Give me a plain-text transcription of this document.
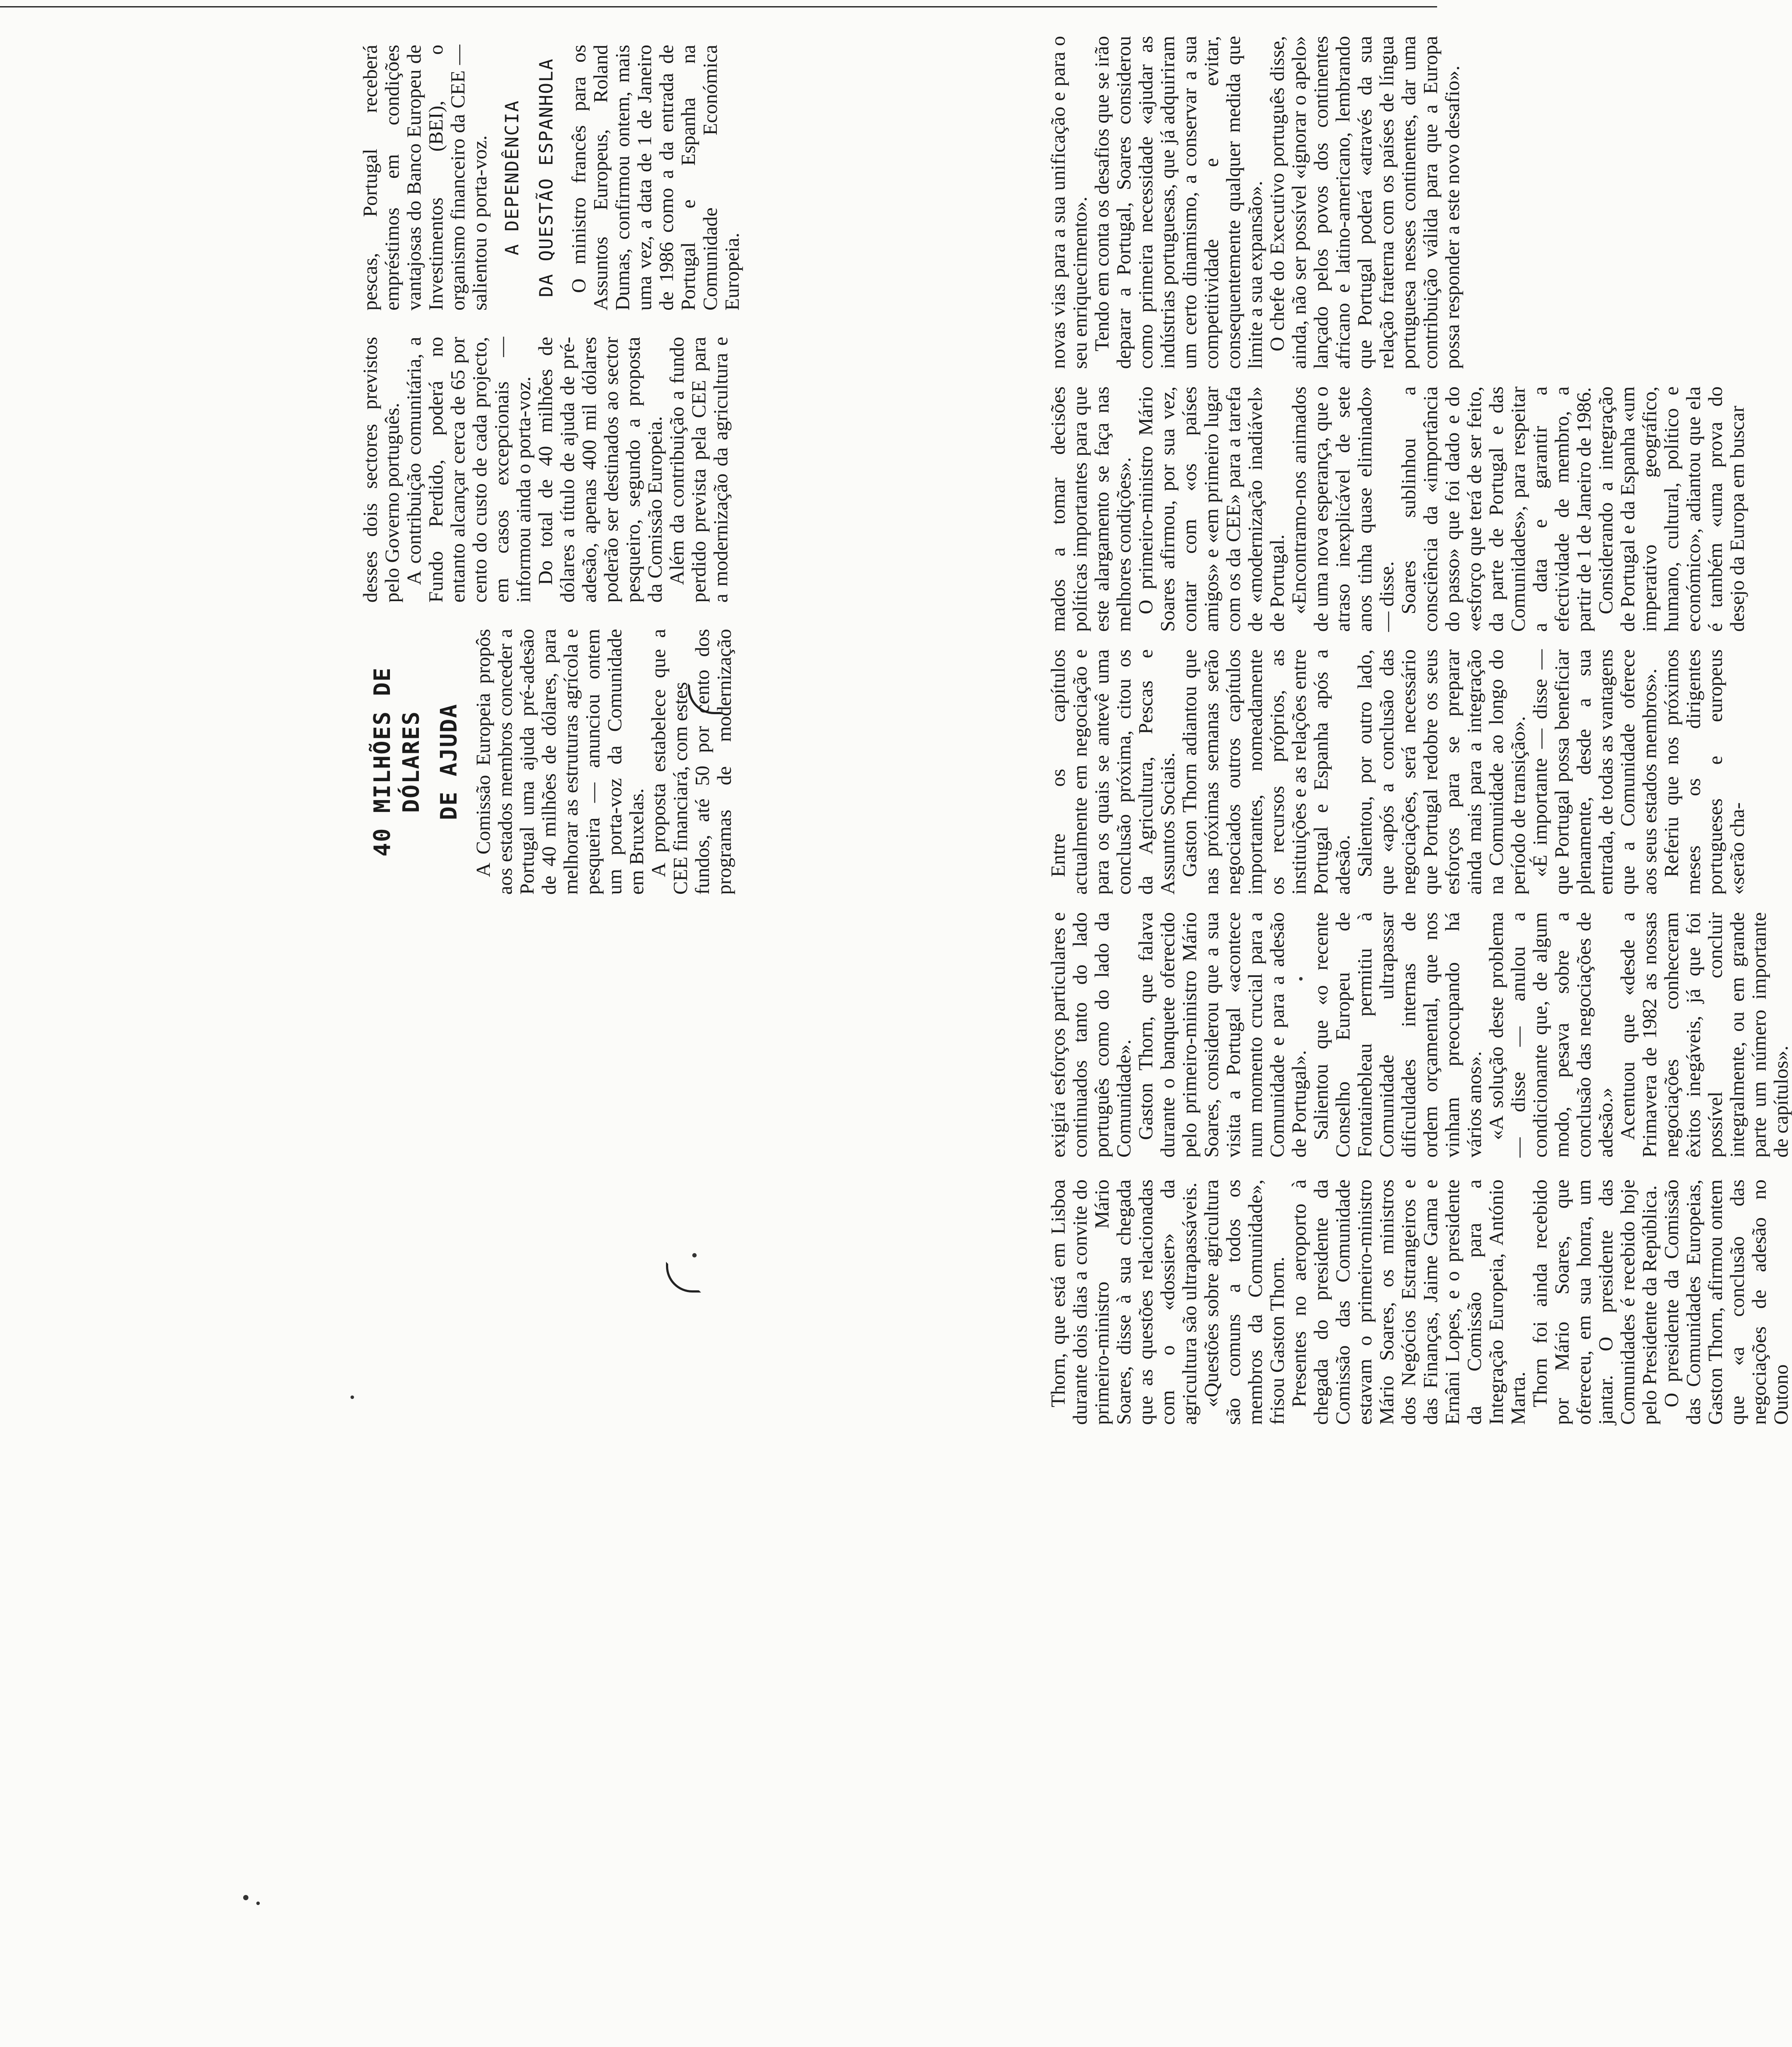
Thorn, que está em Lisboa durante dois dias a convite do primeiro-ministro Mário Soares, disse à sua chegada que as questões relacionadas com o «dossier» da agricultura são ultrapassáveis. «Questões sobre agricultura são comuns a todos os membros da Comunidade», frisou Gaston Thorn. Presentes no aeroporto à chegada do presidente da Comissão das Comunidade estavam o primeiro-ministro Mário Soares, os ministros dos Negócios Estrangeiros e das Finanças, Jaime Gama e Ernâni Lopes, e o presidente da Comissão para a Integração Europeia, António Marta. Thorn foi ainda recebido por Mário Soares, que ofereceu, em sua honra, um jantar. O presidente das Comunidades é recebido hoje pelo Presidente da República. O presidente da Comissão das Comunidades Europeias, Gaston Thorn, afirmou ontem que «a conclusão das negociações de adesão no Outono

exigirá esforços particulares e continuados tanto do lado português como do lado da Comunidade». Gaston Thorn, que falava durante o banquete oferecido pelo primeiro-ministro Mário Soares, considerou que a sua visita a Portugal «acontece num momento crucial para a Comunidade e para a adesão de Portugal». Salientou que «o recente Conselho Europeu de Fontainebleau permitiu à Comunidade ultrapassar dificuldades internas de ordem orçamental, que nos vinham preocupando há vários anos». «A solução deste problema — disse — anulou a condicionante que, de algum modo, pesava sobre a conclusão das negociações de adesão.» Acentuou que «desde a Primavera de 1982 as nossas negociações conheceram êxitos inegáveis, já que foi possível concluir integralmente, ou em grande parte um número importante de capítulos».

Entre os capítulos actualmente em negociação e para os quais se antevê uma conclusão próxima, citou os da Agricultura, Pescas e Assuntos Sociais. Gaston Thorn adiantou que nas próximas semanas serão negociados outros capítulos importantes, nomeadamente os recursos próprios, as instituições e as relações entre Portugal e Espanha após a adesão. Salientou, por outro lado, que «após a conclusão das negociações, será necessário que Portugal redobre os seus esforços para se preparar ainda mais para a integração na Comunidade ao longo do período de transição». «É importante — disse — que Portugal possa beneficiar plenamente, desde a sua entrada, de todas as vantagens que a Comunidade oferece aos seus estados membros». Referiu que nos próximos meses os dirigentes portugueses e europeus «serão cha-

mados a tomar decisões políticas importantes para que este alargamento se faça nas melhores condições». O primeiro-ministro Mário Soares afirmou, por sua vez, contar com «os países amigos» e «em primeiro lugar com os da CEE» para a tarefa de «modernização inadiável» de Portugal. «Encontramo-nos animados de uma nova esperança, que o atraso inexplicável de sete anos tinha quase eliminado» — disse. Soares sublinhou a consciência da «importância do passo» que foi dado e do «esforço que terá de ser feito, da parte de Portugal e das Comunidades», para respeitar a data e garantir a efectividade de membro, a partir de 1 de Janeiro de 1986. Considerando a integração de Portugal e da Espanha «um imperativo geográfico, humano, cultural, político e económico», adiantou que ela é também «uma prova do desejo da Europa em buscar

novas vias para a sua unificação e para o seu enriquecimento». Tendo em conta os desafios que se irão deparar a Portugal, Soares considerou como primeira necessidade «ajudar as indústrias portuguesas, que já adquiriram um certo dinamismo, a conservar a sua competitividade e evitar, consequentemente qualquer medida que limite a sua expansão». O chefe do Executivo português disse, ainda, não ser possível «ignorar o apelo» lançado pelos povos dos continentes africano e latino-americano, lembrando que Portugal poderá «através da sua relação fraterna com os países de língua portuguesa nesses continentes, dar uma contribuição válida para que a Europa possa responder a este novo desafio».

40 MILHÕES DE DÓLARES DE AJUDA A Comissão Europeia propôs aos estados membros conceder a Portugal uma ajuda pré-adesão de 40 milhões de dólares, para melhorar as estruturas agrícola e pesqueira — anunciou ontem um porta-voz da Comunidade em Bruxelas. A proposta estabelece que a CEE financiará, com estes fundos, até 50 por cento dos programas de modernização desses dois sectores previstos pelo Governo português. A contribuição comunitária, a Fundo Perdido, poderá no entanto alcançar cerca de 65 por cento do custo de cada projecto, em casos excepcionais — informou ainda o porta-voz. Do total de 40 milhões de dólares a título de ajuda de pré-adesão, apenas 400 mil dólares poderão ser destinados ao sector pesqueiro, segundo a proposta da Comissão Europeia. Além da contribuição a fundo perdido prevista pela CEE para a modernização da agricultura e pescas, Portugal receberá empréstimos em condições vantajosas do Banco Europeu de Investimentos (BEI), o organismo financeiro da CEE — salientou o porta-voz. A DEPENDÊNCIA DA QUESTÃO ESPANHOLA O ministro francês para os Assuntos Europeus, Roland Dumas, confirmou ontem, mais uma vez, a data de 1 de Janeiro de 1986 como a da entrada de Portugal e Espanha na Comunidade Económica Europeia.
